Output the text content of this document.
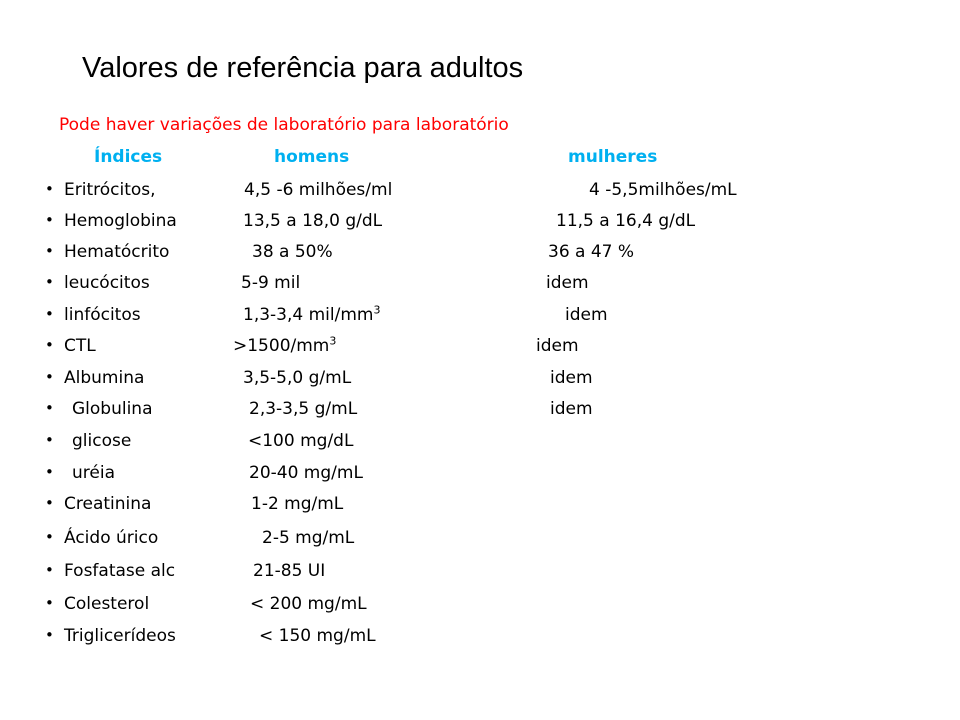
Valores de referência para adultos
Pode haver variações de laboratório para laboratório
Índices	homens	mulheres
• Eritrócitos,	4,5 -6 milhões/ml	4 -5,5milhões/mL
• Hemoglobina	13,5 a 18,0 g/dL	11,5 a 16,4 g/dL
• Hematócrito	38 a 50%	36 a 47 %
• leucócitos	5-9 mil	idem
• linfócitos	1,3-3,4 mil/$mm^3$	idem
• CTL	$>1500/mm^3$	idem
• Albumina	3,5-5,0 g/mL	idem
• Globulina	2,3-3,5 g/mL	idem
• glicose	<100 mg/dL
• uréia	20-40 mg/mL
• Creatinina	1-2 mg/mL
• Ácido úrico	2-5 mg/mL
• Fosfatase alc	21-85 UI
• Colesterol	< 200 mg/mL
• Triglicerídeos	< 150 mg/mL
